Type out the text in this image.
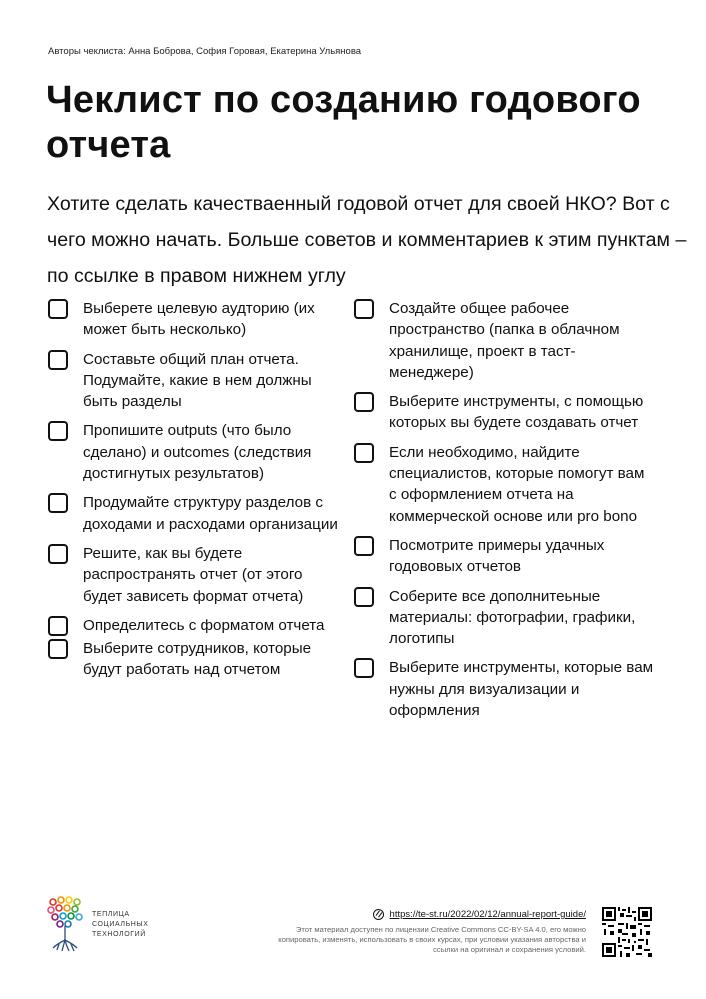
Авторы чеклиста: Анна Боброва, София Горовая, Екатерина Ульянова
Чеклист по созданию годового отчета

Хотите сделать качестваенный годовой отчет для своей НКО? Вот с чего можно начать. Больше советов и комментариев к этим пунктам – по ссылке в правом нижнем углу

Выберете целевую аудторию (их может быть несколько)
Составьте общий план отчета. Подумайте, какие в нем должны быть разделы
Пропишите outputs (что было сделано) и outcomes (следствия достигнутых результатов)
Продумайте структуру разделов с доходами и расходами организации
Решите, как вы будете распространять отчет (от этого будет зависеть формат отчета)
Определитесь с форматом отчета
Выберите сотрудников, которые будут работать над отчетом
Создайте общее рабочее пространство (папка в облачном хранилище, проект в таст-менеджере)
Выберите инструменты, с помощью которых вы будете создавать отчет
Если необходимо, найдите специалистов, которые помогут вам с оформлением отчета на коммерческой основе или pro bono
Посмотрите примеры удачных годововых отчетов
Соберите все дополнитеьные материалы: фотографии, графики, логотипы
Выберите инструменты, которые вам нужны для визуализации и оформления
ТЕПЛИЦА
СОЦИАЛЬНЫХ
ТЕХНОЛОГИЙ
https://te-st.ru/2022/02/12/annual-report-guide/
Этот материал доступен по лицензии Creative Commons CC-BY-SA 4.0, его можно копировать, изменять, использовать в своих курсах, при условии указания авторства и ссылки на оригинал и сохранения условий.
